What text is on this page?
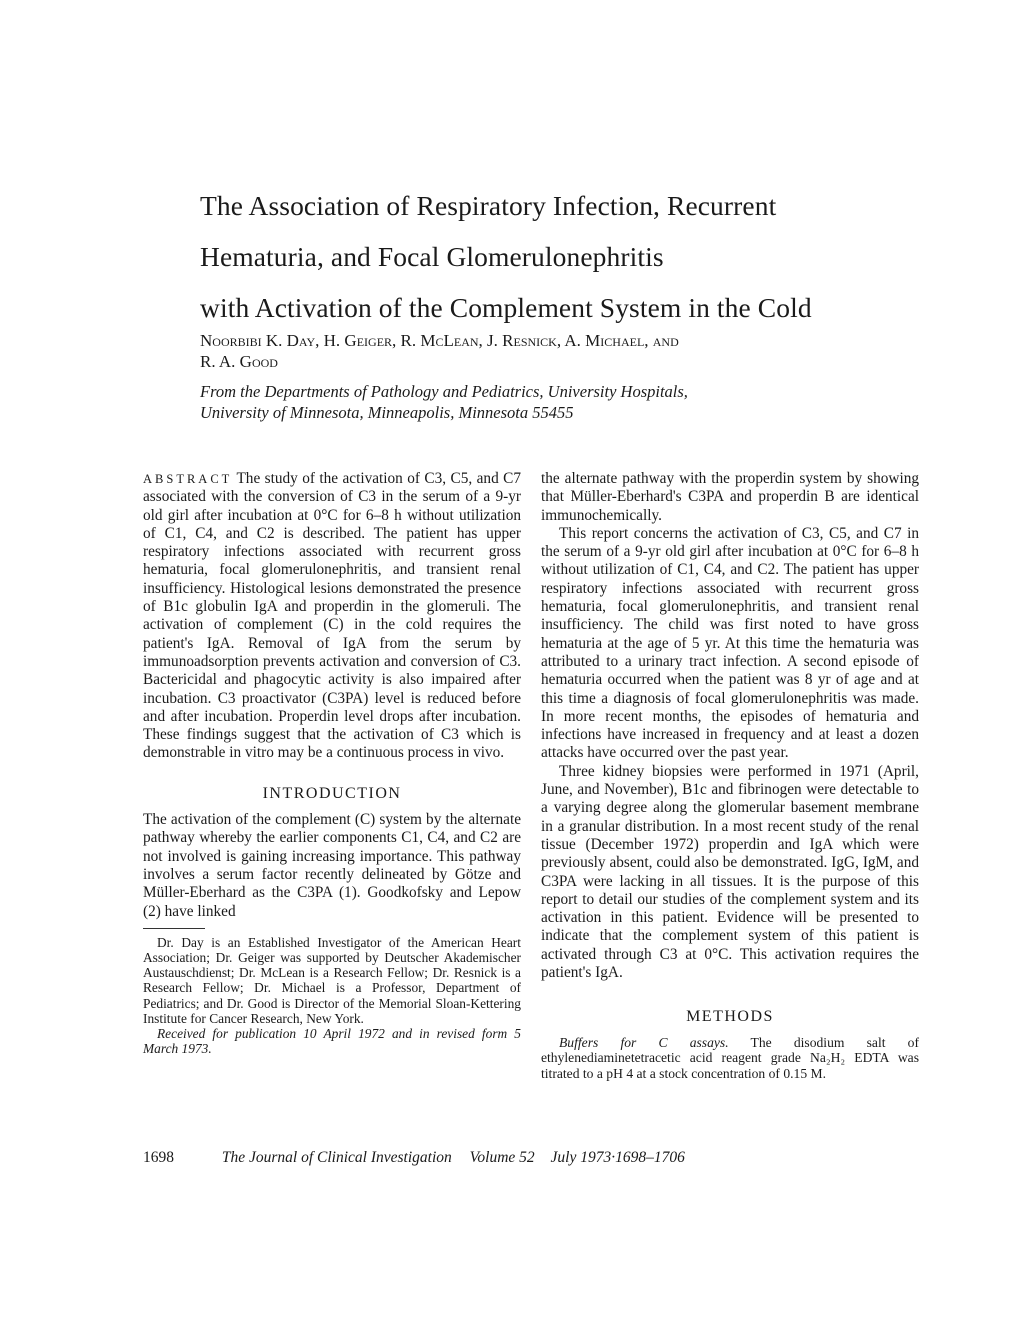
The Association of Respiratory Infection, Recurrent
Hematuria, and Focal Glomerulonephritis
with Activation of the Complement System in the Cold
Noorbibi K. Day, H. Geiger, R. McLean, J. Resnick, A. Michael, and
R. A. Good
From the Departments of Pathology and Pediatrics, University Hospitals,
University of Minnesota, Minneapolis, Minnesota 55455

ABSTRACT The study of the activation of C3, C5, and C7 associated with the conversion of C3 in the serum of a 9-yr old girl after incubation at 0°C for 6–8 h without utilization of C1, C4, and C2 is described. The patient has upper respiratory infections associated with recurrent gross hematuria, focal glomerulonephritis, and transient renal insufficiency. Histological lesions demonstrated the presence of B1c globulin IgA and properdin in the glomeruli. The activation of complement (C) in the cold requires the patient's IgA. Removal of IgA from the serum by immunoadsorption prevents activation and conversion of C3. Bactericidal and phagocytic activity is also impaired after incubation. C3 proactivator (C3PA) level is reduced before and after incubation. Properdin level drops after incubation. These findings suggest that the activation of C3 which is demonstrable in vitro may be a continuous process in vivo.

INTRODUCTION

The activation of the complement (C) system by the alternate pathway whereby the earlier components C1, C4, and C2 are not involved is gaining increasing importance. This pathway involves a serum factor recently delineated by Götze and Müller-Eberhard as the C3PA (1). Goodkofsky and Lepow (2) have linked

Dr. Day is an Established Investigator of the American Heart Association; Dr. Geiger was supported by Deutscher Akademischer Austauschdienst; Dr. McLean is a Research Fellow; Dr. Resnick is a Research Fellow; Dr. Michael is a Professor, Department of Pediatrics; and Dr. Good is Director of the Memorial Sloan-Kettering Institute for Cancer Research, New York.

Received for publication 10 April 1972 and in revised form 5 March 1973.

the alternate pathway with the properdin system by showing that Müller-Eberhard's C3PA and properdin B are identical immunochemically.

This report concerns the activation of C3, C5, and C7 in the serum of a 9-yr old girl after incubation at 0°C for 6–8 h without utilization of C1, C4, and C2. The patient has upper respiratory infections associated with recurrent gross hematuria, focal glomerulonephritis, and transient renal insufficiency. The child was first noted to have gross hematuria at the age of 5 yr. At this time the hematuria was attributed to a urinary tract infection. A second episode of hematuria occurred when the patient was 8 yr of age and at this time a diagnosis of focal glomerulonephritis was made. In more recent months, the episodes of hematuria and infections have increased in frequency and at least a dozen attacks have occurred over the past year.

Three kidney biopsies were performed in 1971 (April, June, and November), B1c and fibrinogen were detectable to a varying degree along the glomerular basement membrane in a granular distribution. In a most recent study of the renal tissue (December 1972) properdin and IgA which were previously absent, could also be demonstrated. IgG, IgM, and C3PA were lacking in all tissues. It is the purpose of this report to detail our studies of the complement system and its activation in this patient. Evidence will be presented to indicate that the complement system of this patient is activated through C3 at 0°C. This activation requires the patient's IgA.

METHODS

Buffers for C assays. The disodium salt of ethylenediaminetetracetic acid reagent grade Na₂H₂ EDTA was titrated to a pH 4 at a stock concentration of 0.15 M.

1698	The Journal of Clinical Investigation Volume 52 July 1973·1698–1706
